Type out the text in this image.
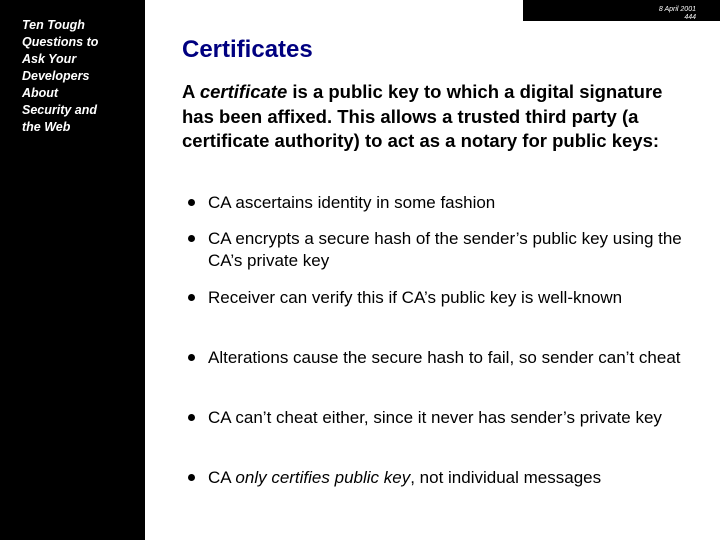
Ten Tough
Questions to
Ask Your
Developers
About
Security and
the Web
8 April 2001
444
Certificates
A certificate is a public key to which a digital signature has been affixed. This allows a trusted third party (a certificate authority) to act as a notary for public keys:
CA ascertains identity in some fashion
CA encrypts a secure hash of the sender’s public key using the CA’s private key
Receiver can verify this if CA’s public key is well-known
Alterations cause the secure hash to fail, so sender can’t cheat
CA can’t cheat either, since it never has sender’s private key
CA only certifies public key, not individual messages
